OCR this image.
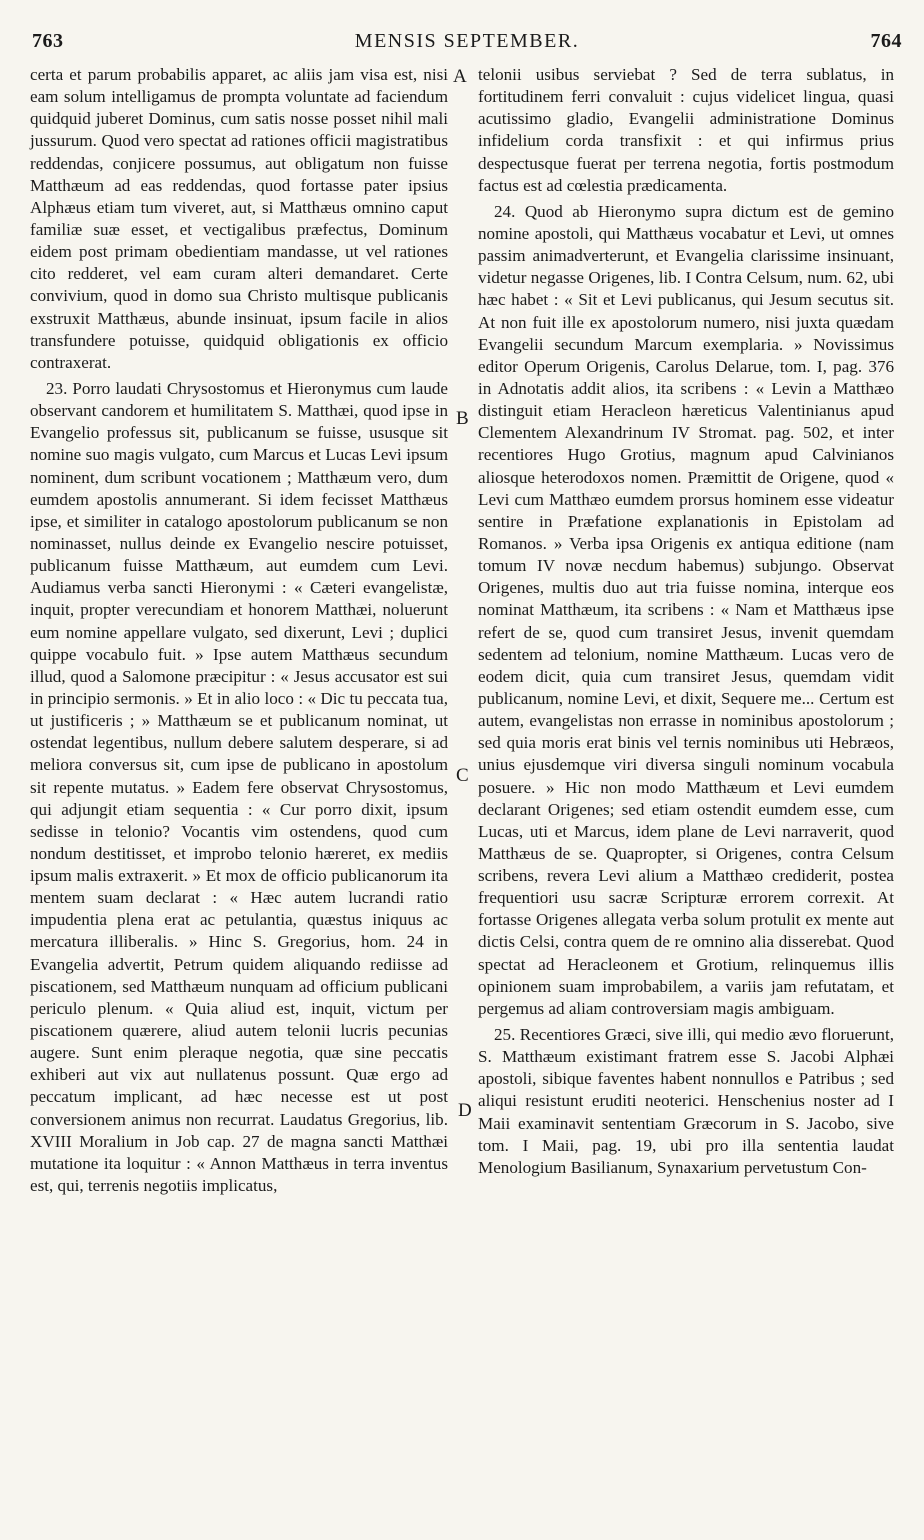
763	MENSIS SEPTEMBER.	764

certa et parum probabilis apparet, ac aliis jam visa est, nisi eam solum intelligamus de prompta voluntate ad faciendum quidquid juberet Dominus, cum satis nosse posset nihil mali jussurum. Quod vero spectat ad rationes officii magistratibus reddendas, conjicere possumus, aut obligatum non fuisse Matthæum ad eas reddendas, quod fortasse pater ipsius Alphæus etiam tum viveret, aut, si Matthæus omnino caput familiæ suæ esset, et vectigalibus præfectus, Dominum eidem post primam obedientiam mandasse, ut vel rationes cito redderet, vel eam curam alteri demandaret. Certe convivium, quod in domo sua Christo multisque publicanis exstruxit Matthæus, abunde insinuat, ipsum facile in alios transfundere potuisse, quidquid obligationis ex officio contraxerat.

23. Porro laudati Chrysostomus et Hieronymus cum laude observant candorem et humilitatem S. Matthæi, quod ipse in Evangelio professus sit, publicanum se fuisse, ususque sit nomine suo magis vulgato, cum Marcus et Lucas Levi ipsum nominent, dum scribunt vocationem ; Matthæum vero, dum eumdem apostolis annumerant. Si idem fecisset Matthæus ipse, et similiter in catalogo apostolorum publicanum se non nominasset, nullus deinde ex Evangelio nescire potuisset, publicanum fuisse Matthæum, aut eumdem cum Levi. Audiamus verba sancti Hieronymi : « Cæteri evangelistæ, inquit, propter verecundiam et honorem Matthæi, noluerunt eum nomine appellare vulgato, sed dixerunt, Levi ; duplici quippe vocabulo fuit. » Ipse autem Matthæus secundum illud, quod a Salomone præcipitur : « Jesus accusator est sui in principio sermonis. » Et in alio loco : « Dic tu peccata tua, ut justificeris ; » Matthæum se et publicanum nominat, ut ostendat legentibus, nullum debere salutem desperare, si ad meliora conversus sit, cum ipse de publicano in apostolum sit repente mutatus. » Eadem fere observat Chrysostomus, qui adjungit etiam sequentia : « Cur porro dixit, ipsum sedisse in telonio? Vocantis vim ostendens, quod cum nondum destitisset, et improbo telonio hæreret, ex mediis ipsum malis extraxerit. » Et mox de officio publicanorum ita mentem suam declarat : « Hæc autem lucrandi ratio impudentia plena erat ac petulantia, quæstus iniquus ac mercatura illiberalis. » Hinc S. Gregorius, hom. 24 in Evangelia advertit, Petrum quidem aliquando rediisse ad piscationem, sed Matthæum nunquam ad officium publicani periculo plenum. « Quia aliud est, inquit, victum per piscationem quærere, aliud autem telonii lucris pecunias augere. Sunt enim pleraque negotia, quæ sine peccatis exhiberi aut vix aut nullatenus possunt. Quæ ergo ad peccatum implicant, ad hæc necesse est ut post conversionem animus non recurrat. Laudatus Gregorius, lib. XVIII Moralium in Job cap. 27 de magna sancti Matthæi mutatione ita loquitur : « Annon Matthæus in terra inventus est, qui, terrenis negotiis implicatus,

telonii usibus serviebat ? Sed de terra sublatus, in fortitudinem ferri convaluit : cujus videlicet lingua, quasi acutissimo gladio, Evangelii administratione Dominus infidelium corda transfixit : et qui infirmus prius despectusque fuerat per terrena negotia, fortis postmodum factus est ad cœlestia prædicamenta.

24. Quod ab Hieronymo supra dictum est de gemino nomine apostoli, qui Matthæus vocabatur et Levi, ut omnes passim animadverterunt, et Evangelia clarissime insinuant, videtur negasse Origenes, lib. I Contra Celsum, num. 62, ubi hæc habet : « Sit et Levi publicanus, qui Jesum secutus sit. At non fuit ille ex apostolorum numero, nisi juxta quædam Evangelii secundum Marcum exemplaria. » Novissimus editor Operum Origenis, Carolus Delarue, tom. I, pag. 376 in Adnotatis addit alios, ita scribens : « Levin a Matthæo distinguit etiam Heracleon hæreticus Valentinianus apud Clementem Alexandrinum IV Stromat. pag. 502, et inter recentiores Hugo Grotius, magnum apud Calvinianos aliosque heterodoxos nomen. Præmittit de Origene, quod « Levi cum Matthæo eumdem prorsus hominem esse videatur sentire in Præfatione explanationis in Epistolam ad Romanos. » Verba ipsa Origenis ex antiqua editione (nam tomum IV novæ necdum habemus) subjungo. Observat Origenes, multis duo aut tria fuisse nomina, interque eos nominat Matthæum, ita scribens : « Nam et Matthæus ipse refert de se, quod cum transiret Jesus, invenit quemdam sedentem ad telonium, nomine Matthæum. Lucas vero de eodem dicit, quia cum transiret Jesus, quemdam vidit publicanum, nomine Levi, et dixit, Sequere me... Certum est autem, evangelistas non errasse in nominibus apostolorum ; sed quia moris erat binis vel ternis nominibus uti Hebræos, unius ejusdemque viri diversa singuli nominum vocabula posuere. » Hic non modo Matthæum et Levi eumdem declarant Origenes; sed etiam ostendit eumdem esse, cum Lucas, uti et Marcus, idem plane de Levi narraverit, quod Matthæus de se. Quapropter, si Origenes, contra Celsum scribens, revera Levi alium a Matthæo crediderit, postea frequentiori usu sacræ Scripturæ errorem correxit. At fortasse Origenes allegata verba solum protulit ex mente aut dictis Celsi, contra quem de re omnino alia disserebat. Quod spectat ad Heracleonem et Grotium, relinquemus illis opinionem suam improbabilem, a variis jam refutatam, et pergemus ad aliam controversiam magis ambiguam.

25. Recentiores Græci, sive illi, qui medio ævo floruerunt, S. Matthæum existimant fratrem esse S. Jacobi Alphæi apostoli, sibique faventes habent nonnullos e Patribus ; sed aliqui resistunt eruditi neoterici. Henschenius noster ad I Maii examinavit sententiam Græcorum in S. Jacobo, sive tom. I Maii, pag. 19, ubi pro illa sententia laudat Menologium Basilianum, Synaxarium pervetustum Con-

A
B
C
D
